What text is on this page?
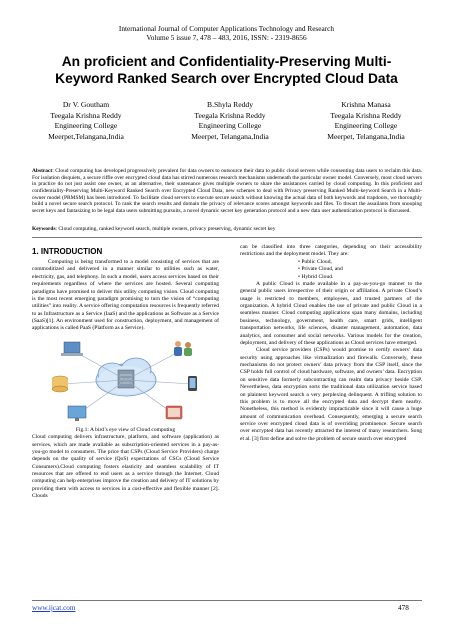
International Journal of Computer Applications Technology and Research
Volume 5 issue 7, 478 – 483, 2016, ISSN: - 2319-8656
An proficient and Confidentiality-Preserving Multi-
Keyword Ranked Search over Encrypted Cloud Data
Dr V. Goutham
Teegala Krishna Reddy
Engineering College
Meerpet,Telangana,India
B.Shyla Reddy
Teegala Krishna Reddy
Engineering College
Meerpet, Telangana,India
Krishna Manasa
Teegala Krishna Reddy
Engineering College
Meerpet, Telangana,India
Abstract: Cloud computing has developed progressively prevalent for data owners to outsource their data to public cloud servers while consenting data users to reclaim this data. For isolation disquiets, a secure riffle over encrypted cloud data has stirred numerous research mechanisms underneath the particular owner model. Conversely, most cloud servers in practice do not just assist one owner, as an alternative, their sustenance gives multiple owners to share the assistances carried by cloud computing. In this proficient and confidentiality-Preserving Multi-Keyword Ranked Search over Encrypted Cloud Data, new schemes to deal with Privacy preserving Ranked Multi-keyword Search in a Multi-owner model (PRMSM) has been introduced. To facilitate cloud servers to execute secure search without knowing the actual data of both keywords and trapdoors, we thoroughly build a novel secure search protocol. To rank the search results and domain the privacy of relevance scores amongst keywords and files. To thwart the assailants from snooping secret keys and fantasizing to be legal data users submitting pursuits, a novel dynamic secret key generation protocol and a new data user authentication protocol is discussed.
Keywords: Cloud computing, ranked keyword search, multiple owners, privacy preserving, dynamic secret key
1. INTRODUCTION

Computing is being transformed to a model consisting of services that are commoditized and delivered in a manner similar to utilities such as water, electricity, gas, and telephony. In such a model, users access services based on their requirements regardless of where the services are hosted. Several computing paradigms have promised to deliver this utility computing vision. Cloud computing is the most recent emerging paradigm promising to turn the vision of “computing utilities” into reality. A service offering computation resources is frequently referred to as Infrastructure as a Service (IaaS) and the applications as Software as a Service (SaaS)[1]. An environment used for construction, deployment, and management of applications is called PaaS (Platform as a Service).

Fig.1: A bird’s eye view of Cloud computing

Cloud computing delivers infrastructure, platform, and software (application) as services, which are made available as subscription-oriented services in a pay-as-you-go model to consumers. The price that CSPs (Cloud Service Providers) charge depends on the quality of service (QoS) expectations of CSCs (Cloud Service Consumers).Cloud computing fosters elasticity and seamless scalability of IT resources that are offered to end users as a service through the Internet. Cloud computing can help enterprises improve the creation and delivery of IT solutions by providing them with access to services in a cost-effective and flexible manner [2]. Clouds

can be classified into three categories, depending on their accessibility restrictions and the deployment model. They are:

• Public Cloud,
• Private Cloud, and
• Hybrid Cloud.

A public Cloud is made available in a pay-as-you-go manner to the general public users irrespective of their origin or affiliation. A private Cloud’s usage is restricted to members, employees, and trusted partners of the organization. A hybrid Cloud enables the use of private and public Cloud in a seamless manner. Cloud computing applications span many domains, including business, technology, government, health care, smart grids, intelligent transportation networks, life sciences, disaster management, automation, data analytics, and consumer and social networks. Various models for the creation, deployment, and delivery of these applications as Cloud services have emerged.

Cloud service providers (CSPs) would promise to certify owners’ data security using approaches like virtualization and firewalls. Conversely, these mechanisms do not protect owners’ data privacy from the CSP itself, since the CSP holds full control of cloud hardware, software, and owners’ data. Encryption on sensitive data formerly subcontracting can realm data privacy beside CSP. Nevertheless, data encryption sorts the traditional data utilization service based on plaintext keyword search a very perplexing delinquent. A trifling solution to this problem is to move all the encrypted data and decrypt them nearby. Nonetheless, this method is evidently impracticable since it will cause a huge amount of communication overhead. Consequently, emerging a secure search service over encrypted cloud data is of overriding prominence. Secure search over encrypted data has recently attracted the interest of many researchers. Song et al. [3] first define and solve the problem of secure search over encrypted

www.ijcat.com	478
